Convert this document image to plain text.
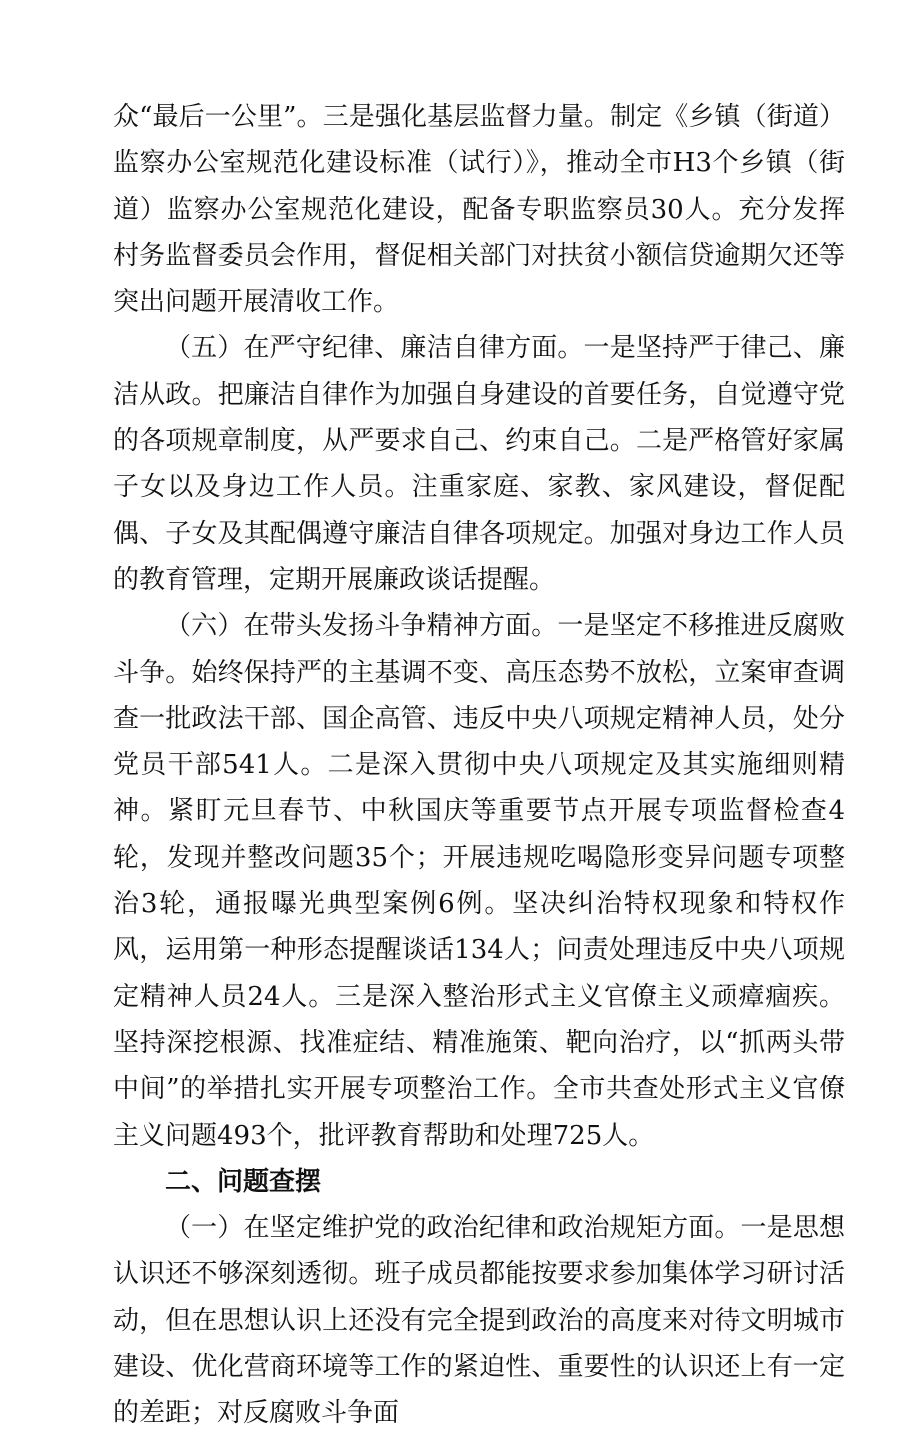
众“最后一公里”。三是强化基层监督力量。制定《乡镇（街道）监察办公室规范化建设标准（试行）》，推动全市H3个乡镇（街道）监察办公室规范化建设，配备专职监察员30人。充分发挥村务监督委员会作用，督促相关部门对扶贫小额信贷逾期欠还等突出问题开展清收工作。

（五）在严守纪律、廉洁自律方面。一是坚持严于律己、廉洁从政。把廉洁自律作为加强自身建设的首要任务，自觉遵守党的各项规章制度，从严要求自己、约束自己。二是严格管好家属子女以及身边工作人员。注重家庭、家教、家风建设，督促配偶、子女及其配偶遵守廉洁自律各项规定。加强对身边工作人员的教育管理，定期开展廉政谈话提醒。

（六）在带头发扬斗争精神方面。一是坚定不移推进反腐败斗争。始终保持严的主基调不变、高压态势不放松，立案审查调查一批政法干部、国企高管、违反中央八项规定精神人员，处分党员干部541人。二是深入贯彻中央八项规定及其实施细则精神。紧盯元旦春节、中秋国庆等重要节点开展专项监督检查4轮，发现并整改问题35个；开展违规吃喝隐形变异问题专项整治3轮，通报曝光典型案例6例。坚决纠治特权现象和特权作风，运用第一种形态提醒谈话134人；问责处理违反中央八项规定精神人员24人。三是深入整治形式主义官僚主义顽瘴痼疾。坚持深挖根源、找准症结、精准施策、靶向治疗，以“抓两头带中间”的举措扎实开展专项整治工作。全市共查处形式主义官僚主义问题493个，批评教育帮助和处理725人。

二、问题查摆

（一）在坚定维护党的政治纪律和政治规矩方面。一是思想认识还不够深刻透彻。班子成员都能按要求参加集体学习研讨活动，但在思想认识上还没有完全提到政治的高度来对待文明城市建设、优化营商环境等工作的紧迫性、重要性的认识还上有一定的差距；对反腐败斗争面
